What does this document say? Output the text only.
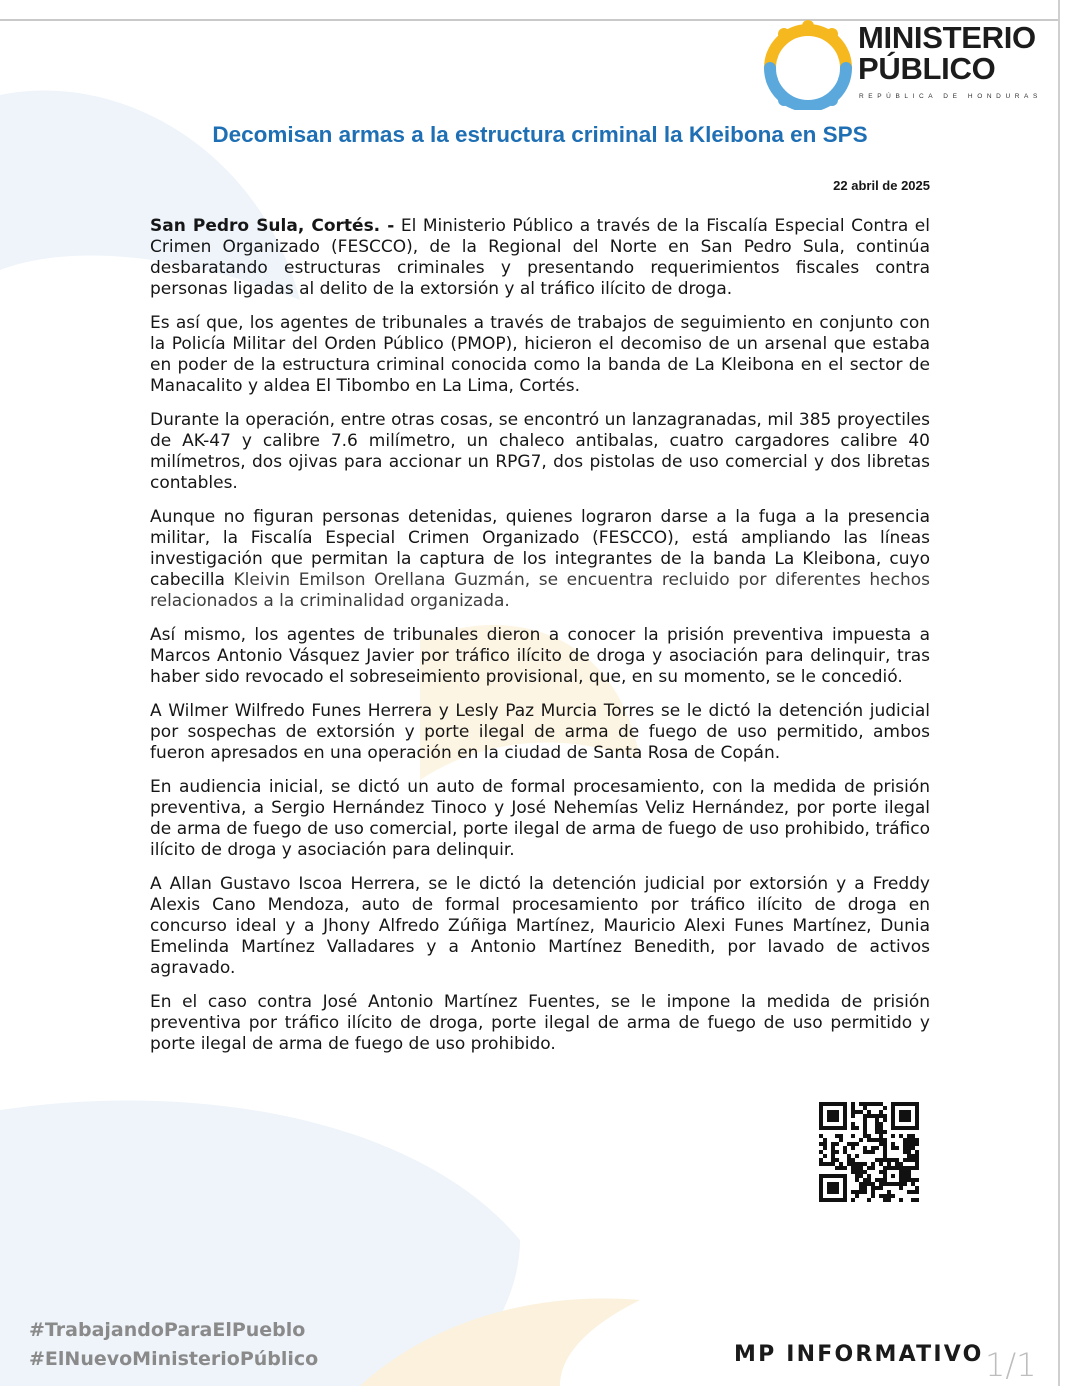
MINISTERIO
PÚBLICO
REPÚBLICA DE HONDURAS
Decomisan armas a la estructura criminal la Kleibona en SPS
22 abril de 2025

San Pedro Sula, Cortés. - El Ministerio Público a través de la Fiscalía Especial Contra el Crimen Organizado (FESCCO), de la Regional del Norte en San Pedro Sula, continúa desbaratando estructuras criminales y presentando requerimientos fiscales contra personas ligadas al delito de la extorsión y al tráfico ilícito de droga.

Es así que, los agentes de tribunales a través de trabajos de seguimiento en conjunto con la Policía Militar del Orden Público (PMOP), hicieron el decomiso de un arsenal que estaba en poder de la estructura criminal conocida como la banda de La Kleibona en el sector de Manacalito y aldea El Tibombo en La Lima, Cortés.

Durante la operación, entre otras cosas, se encontró un lanzagranadas, mil 385 proyectiles de AK-47 y calibre 7.6 milímetro, un chaleco antibalas, cuatro cargadores calibre 40 milímetros, dos ojivas para accionar un RPG7, dos pistolas de uso comercial y dos libretas contables.

Aunque no figuran personas detenidas, quienes lograron darse a la fuga a la presencia militar, la Fiscalía Especial Crimen Organizado (FESCCO), está ampliando las líneas investigación que permitan la captura de los integrantes de la banda La Kleibona, cuyo cabecilla Kleivin Emilson Orellana Guzmán, se encuentra recluido por diferentes hechos relacionados a la criminalidad organizada.

Así mismo, los agentes de tribunales dieron a conocer la prisión preventiva impuesta a Marcos Antonio Vásquez Javier por tráfico ilícito de droga y asociación para delinquir, tras haber sido revocado el sobreseimiento provisional, que, en su momento, se le concedió.

A Wilmer Wilfredo Funes Herrera y Lesly Paz Murcia Torres se le dictó la detención judicial por sospechas de extorsión y porte ilegal de arma de fuego de uso permitido, ambos fueron apresados en una operación en la ciudad de Santa Rosa de Copán.

En audiencia inicial, se dictó un auto de formal procesamiento, con la medida de prisión preventiva, a Sergio Hernández Tinoco y José Nehemías Veliz Hernández, por porte ilegal de arma de fuego de uso comercial, porte ilegal de arma de fuego de uso prohibido, tráfico ilícito de droga y asociación para delinquir.

A Allan Gustavo Iscoa Herrera, se le dictó la detención judicial por extorsión y a Freddy Alexis Cano Mendoza, auto de formal procesamiento por tráfico ilícito de droga en concurso ideal y a Jhony Alfredo Zúñiga Martínez, Mauricio Alexi Funes Martínez, Dunia Emelinda Martínez Valladares y a Antonio Martínez Benedith, por lavado de activos agravado.

En el caso contra José Antonio Martínez Fuentes, se le impone la medida de prisión preventiva por tráfico ilícito de droga, porte ilegal de arma de fuego de uso permitido y porte ilegal de arma de fuego de uso prohibido.

#TrabajandoParaElPueblo
#ElNuevoMinisterioPúblico	MP INFORMATIVO 1/1
